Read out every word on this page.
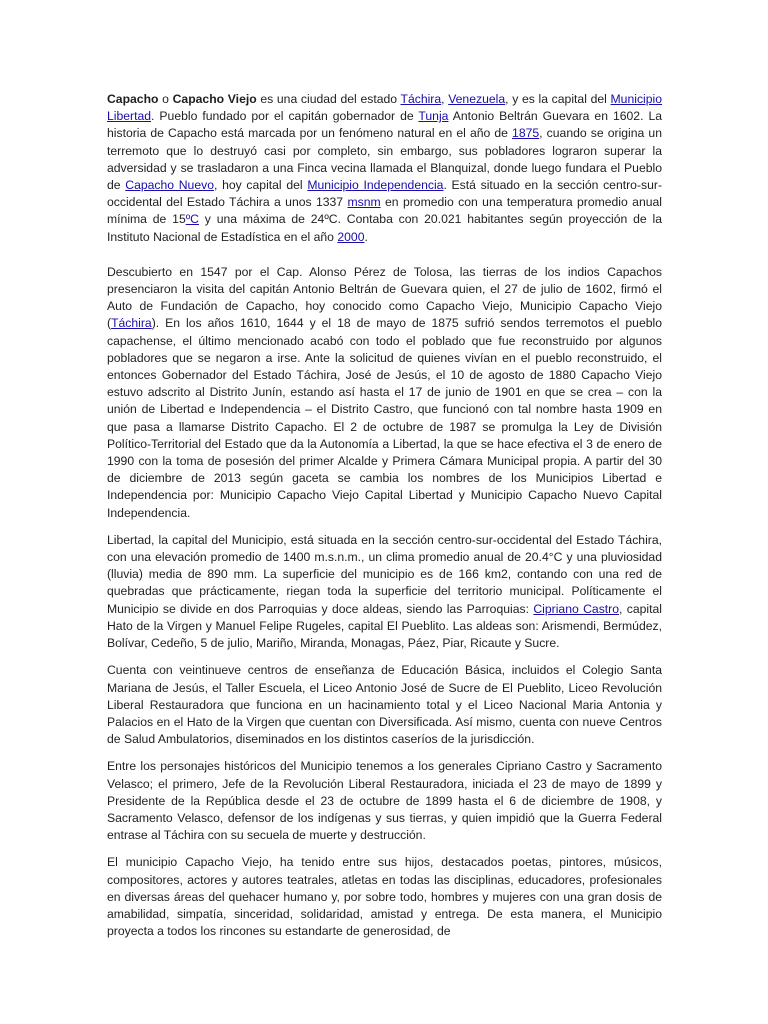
Capacho o Capacho Viejo es una ciudad del estado Táchira, Venezuela, y es la capital del Municipio Libertad. Pueblo fundado por el capitán gobernador de Tunja Antonio Beltrán Guevara en 1602. La historia de Capacho está marcada por un fenómeno natural en el año de 1875, cuando se origina un terremoto que lo destruyó casi por completo, sin embargo, sus pobladores lograron superar la adversidad y se trasladaron a una Finca vecina llamada el Blanquizal, donde luego fundara el Pueblo de Capacho Nuevo, hoy capital del Municipio Independencia. Está situado en la sección centro-sur-occidental del Estado Táchira a unos 1337 msnm en promedio con una temperatura promedio anual mínima de 15ºC y una máxima de 24ºC. Contaba con 20.021 habitantes según proyección de la Instituto Nacional de Estadística en el año 2000.

Descubierto en 1547 por el Cap. Alonso Pérez de Tolosa, las tierras de los indios Capachos presenciaron la visita del capitán Antonio Beltrán de Guevara quien, el 27 de julio de 1602, firmó el Auto de Fundación de Capacho, hoy conocido como Capacho Viejo, Municipio Capacho Viejo (Táchira). En los años 1610, 1644 y el 18 de mayo de 1875 sufrió sendos terremotos el pueblo capachense, el último mencionado acabó con todo el poblado que fue reconstruido por algunos pobladores que se negaron a irse. Ante la solicitud de quienes vivían en el pueblo reconstruido, el entonces Gobernador del Estado Táchira, José de Jesús, el 10 de agosto de 1880 Capacho Viejo estuvo adscrito al Distrito Junín, estando así hasta el 17 de junio de 1901 en que se crea – con la unión de Libertad e Independencia – el Distrito Castro, que funcionó con tal nombre hasta 1909 en que pasa a llamarse Distrito Capacho. El 2 de octubre de 1987 se promulga la Ley de División Político-Territorial del Estado que da la Autonomía a Libertad, la que se hace efectiva el 3 de enero de 1990 con la toma de posesión del primer Alcalde y Primera Cámara Municipal propia. A partir del 30 de diciembre de 2013 según gaceta se cambia los nombres de los Municipios Libertad e Independencia por: Municipio Capacho Viejo Capital Libertad y Municipio Capacho Nuevo Capital Independencia.

Libertad, la capital del Municipio, está situada en la sección centro-sur-occidental del Estado Táchira, con una elevación promedio de 1400 m.s.n.m., un clima promedio anual de 20.4°C y una pluviosidad (lluvia) media de 890 mm. La superficie del municipio es de 166 km2, contando con una red de quebradas que prácticamente, riegan toda la superficie del territorio municipal. Políticamente el Municipio se divide en dos Parroquias y doce aldeas, siendo las Parroquias: Cipriano Castro, capital Hato de la Virgen y Manuel Felipe Rugeles, capital El Pueblito. Las aldeas son: Arismendi, Bermúdez, Bolívar, Cedeño, 5 de julio, Mariño, Miranda, Monagas, Páez, Piar, Ricaute y Sucre.

Cuenta con veintinueve centros de enseñanza de Educación Básica, incluidos el Colegio Santa Mariana de Jesús, el Taller Escuela, el Liceo Antonio José de Sucre de El Pueblito, Liceo Revolución Liberal Restauradora que funciona en un hacinamiento total y el Liceo Nacional Maria Antonia y Palacios en el Hato de la Virgen que cuentan con Diversificada. Así mismo, cuenta con nueve Centros de Salud Ambulatorios, diseminados en los distintos caseríos de la jurisdicción.

Entre los personajes históricos del Municipio tenemos a los generales Cipriano Castro y Sacramento Velasco; el primero, Jefe de la Revolución Liberal Restauradora, iniciada el 23 de mayo de 1899 y Presidente de la República desde el 23 de octubre de 1899 hasta el 6 de diciembre de 1908, y Sacramento Velasco, defensor de los indígenas y sus tierras, y quien impidió que la Guerra Federal entrase al Táchira con su secuela de muerte y destrucción.

El municipio Capacho Viejo, ha tenido entre sus hijos, destacados poetas, pintores, músicos, compositores, actores y autores teatrales, atletas en todas las disciplinas, educadores, profesionales en diversas áreas del quehacer humano y, por sobre todo, hombres y mujeres con una gran dosis de amabilidad, simpatía, sinceridad, solidaridad, amistad y entrega. De esta manera, el Municipio proyecta a todos los rincones su estandarte de generosidad, de
